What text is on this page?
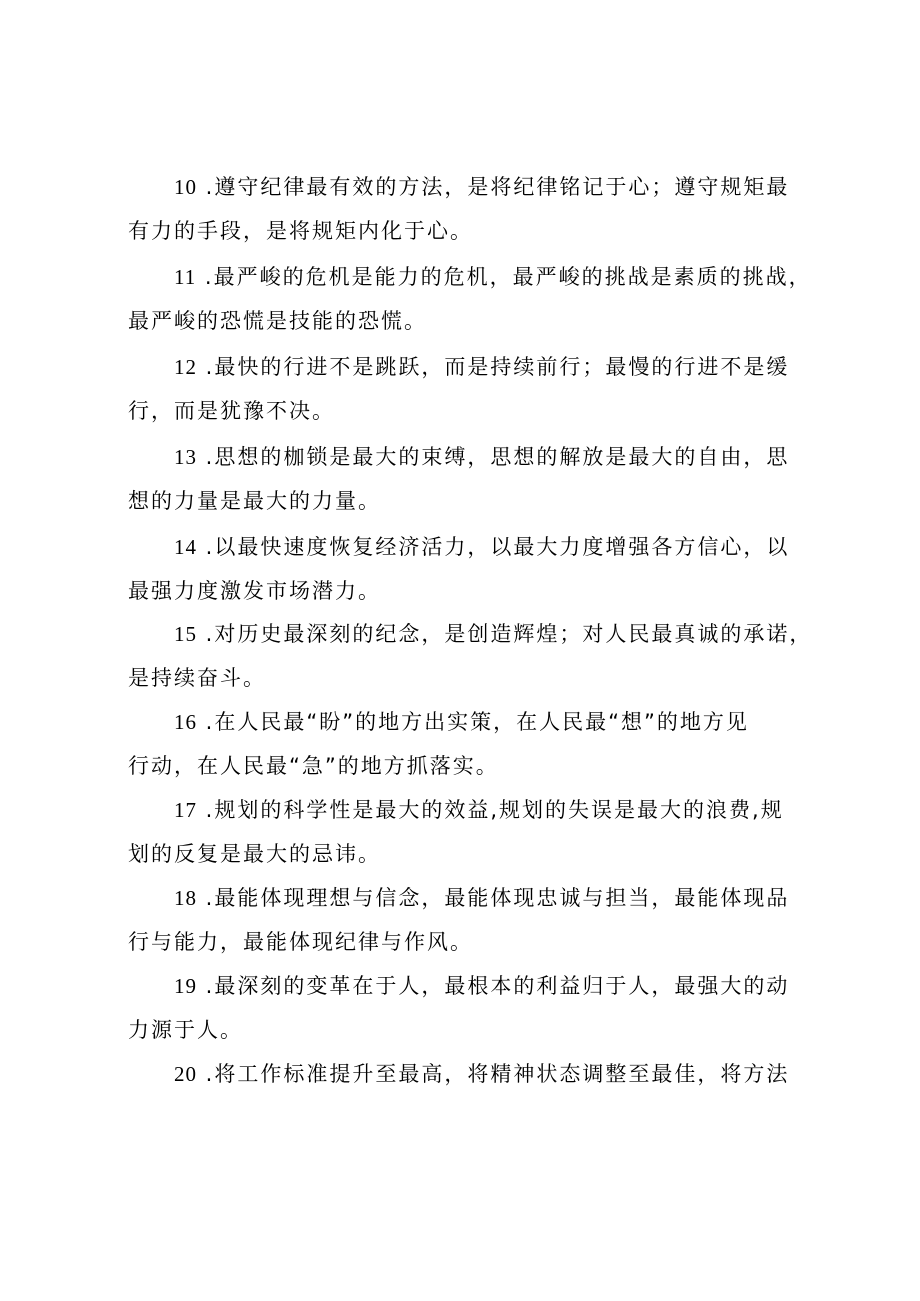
10 .遵守纪律最有效的方法，是将纪律铭记于心；遵守规矩最
有力的手段，是将规矩内化于心。

11 .最严峻的危机是能力的危机，最严峻的挑战是素质的挑战，
最严峻的恐慌是技能的恐慌。

12 .最快的行进不是跳跃，而是持续前行；最慢的行进不是缓
行，而是犹豫不决。

13 .思想的枷锁是最大的束缚，思想的解放是最大的自由，思
想的力量是最大的力量。

14 .以最快速度恢复经济活力，以最大力度增强各方信心，以
最强力度激发市场潜力。

15 .对历史最深刻的纪念，是创造辉煌；对人民最真诚的承诺，
是持续奋斗。

16 .在人民最“盼”的地方出实策，在人民最“想”的地方见
行动，在人民最“急”的地方抓落实。

17 .规划的科学性是最大的效益,规划的失误是最大的浪费,规
划的反复是最大的忌讳。

18 .最能体现理想与信念，最能体现忠诚与担当，最能体现品
行与能力，最能体现纪律与作风。

19 .最深刻的变革在于人，最根本的利益归于人，最强大的动
力源于人。

20 .将工作标准提升至最高，将精神状态调整至最佳，将方法
